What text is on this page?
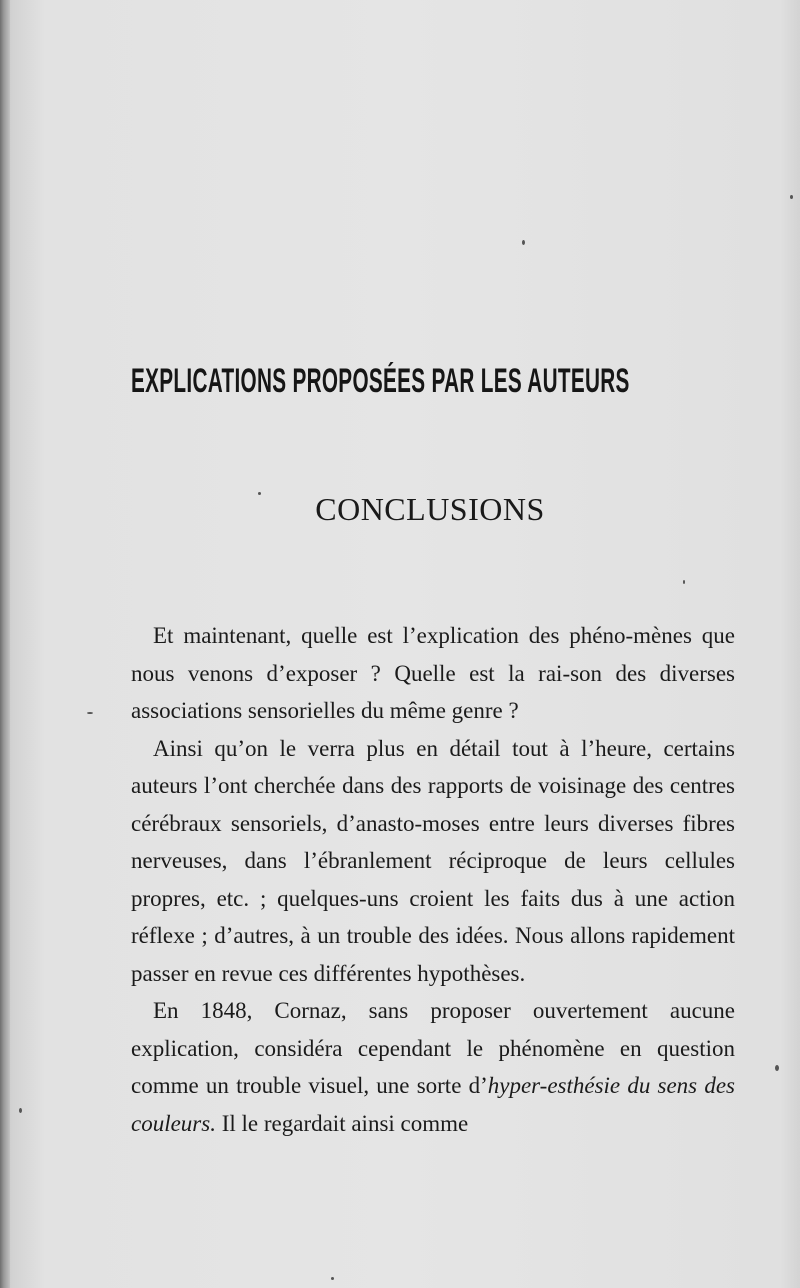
EXPLICATIONS PROPOSÉES PAR LES AUTEURS
CONCLUSIONS

Et maintenant, quelle est l’explication des phéno-mènes que nous venons d’exposer ? Quelle est la rai-son des diverses associations sensorielles du même genre ?

Ainsi qu’on le verra plus en détail tout à l’heure, certains auteurs l’ont cherchée dans des rapports de voisinage des centres cérébraux sensoriels, d’anasto-moses entre leurs diverses fibres nerveuses, dans l’ébranlement réciproque de leurs cellules propres, etc. ; quelques-uns croient les faits dus à une action réflexe ; d’autres, à un trouble des idées. Nous allons rapidement passer en revue ces différentes hypothèses.

En 1848, Cornaz, sans proposer ouvertement aucune explication, considéra cependant le phénomène en question comme un trouble visuel, une sorte d’hyper-esthésie du sens des couleurs. Il le regardait ainsi comme
